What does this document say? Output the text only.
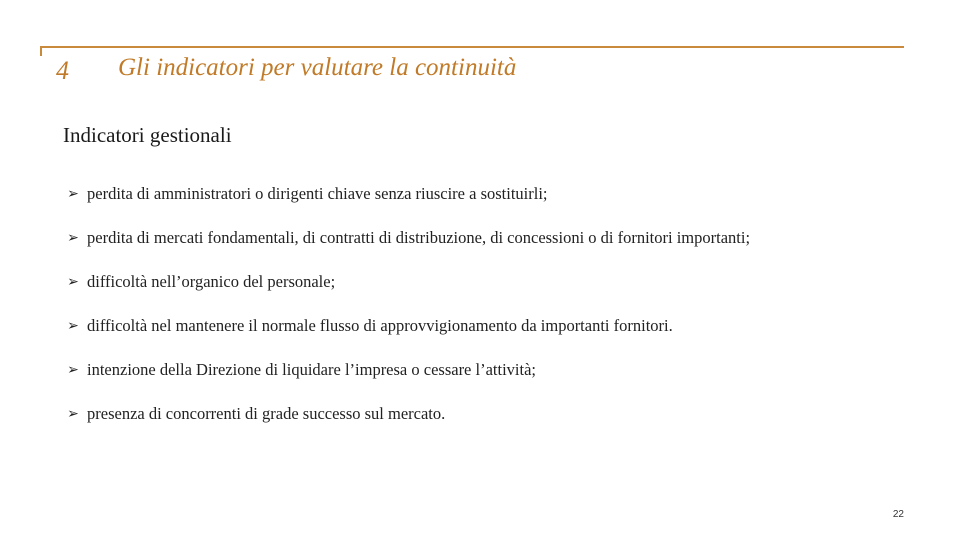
4 Gli indicatori per valutare la continuità
Indicatori gestionali
➢ perdita di amministratori o dirigenti chiave senza riuscire a sostituirli;
➢ perdita di mercati fondamentali, di contratti di distribuzione, di concessioni o di fornitori importanti;
➢ difficoltà nell’organico del personale;
➢ difficoltà nel mantenere il normale flusso di approvvigionamento da importanti fornitori.
➢ intenzione della Direzione di liquidare l’impresa o cessare l’attività;
➢ presenza di concorrenti di grade successo sul mercato.
22
